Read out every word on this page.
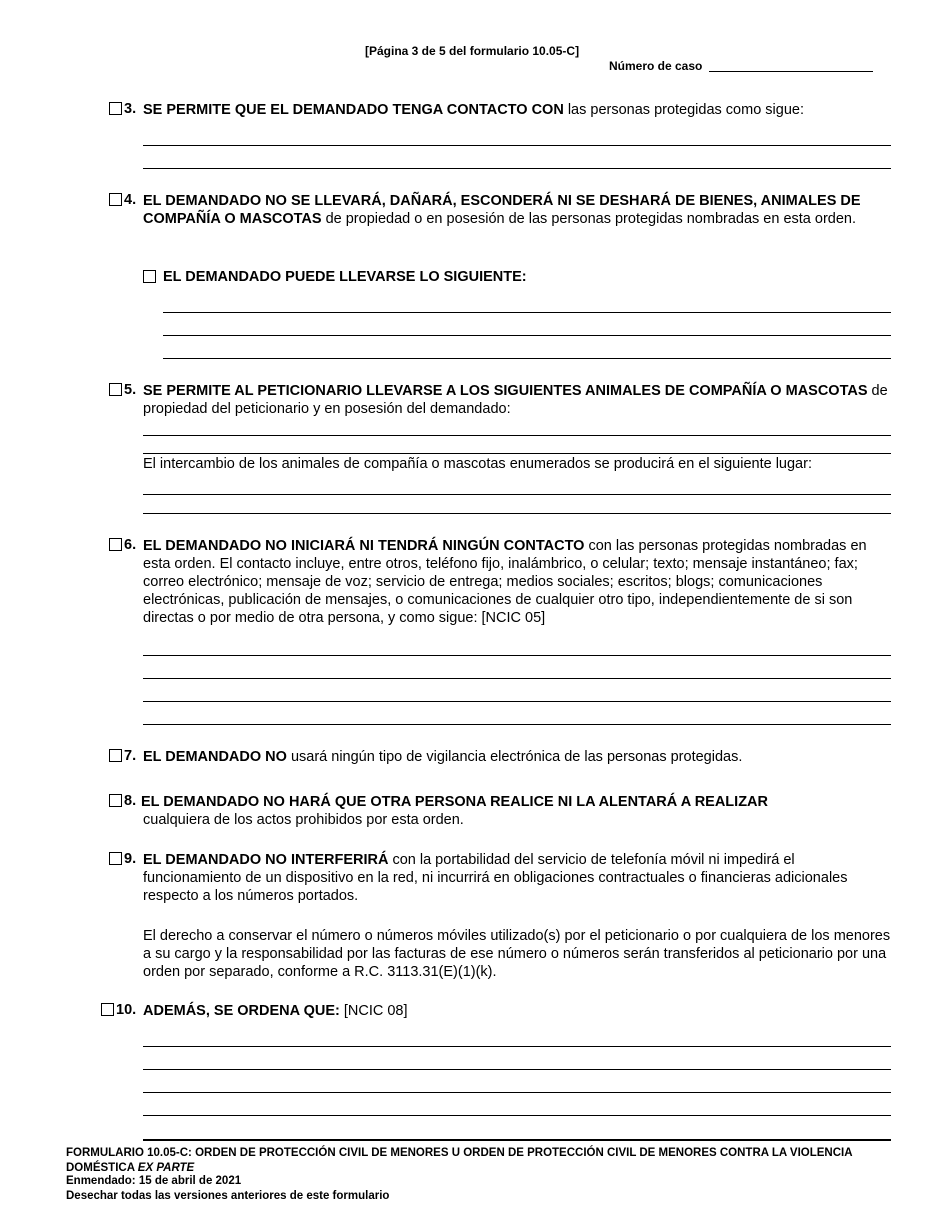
[Página 3 de 5 del formulario 10.05-C]
Número de caso
3. SE PERMITE QUE EL DEMANDADO TENGA CONTACTO CON las personas protegidas como sigue:
4. EL DEMANDADO NO SE LLEVARÁ, DAÑARÁ, ESCONDERÁ NI SE DESHARÁ DE BIENES, ANIMALES DE COMPAÑÍA O MASCOTAS de propiedad o en posesión de las personas protegidas nombradas en esta orden.
EL DEMANDADO PUEDE LLEVARSE LO SIGUIENTE:
5. SE PERMITE AL PETICIONARIO LLEVARSE A LOS SIGUIENTES ANIMALES DE COMPAÑÍA O MASCOTAS de propiedad del peticionario y en posesión del demandado:
El intercambio de los animales de compañía o mascotas enumerados se producirá en el siguiente lugar:
6. EL DEMANDADO NO INICIARÁ NI TENDRÁ NINGÚN CONTACTO con las personas protegidas nombradas en esta orden. El contacto incluye, entre otros, teléfono fijo, inalámbrico, o celular; texto; mensaje instantáneo; fax; correo electrónico; mensaje de voz; servicio de entrega; medios sociales; escritos; blogs; comunicaciones electrónicas, publicación de mensajes, o comunicaciones de cualquier otro tipo, independientemente de si son directas o por medio de otra persona, y como sigue: [NCIC 05]
7. EL DEMANDADO NO usará ningún tipo de vigilancia electrónica de las personas protegidas.
8. EL DEMANDADO NO HARÁ QUE OTRA PERSONA REALICE NI LA ALENTARÁ A REALIZAR
cualquiera de los actos prohibidos por esta orden.
9. EL DEMANDADO NO INTERFERIRÁ con la portabilidad del servicio de telefonía móvil ni impedirá el funcionamiento de un dispositivo en la red, ni incurrirá en obligaciones contractuales o financieras adicionales respecto a los números portados.
El derecho a conservar el número o números móviles utilizado(s) por el peticionario o por cualquiera de los menores a su cargo y la responsabilidad por las facturas de ese número o números serán transferidos al peticionario por una orden por separado, conforme a R.C. 3113.31(E)(1)(k).
10. ADEMÁS, SE ORDENA QUE: [NCIC 08]
FORMULARIO 10.05-C: ORDEN DE PROTECCIÓN CIVIL DE MENORES U ORDEN DE PROTECCIÓN CIVIL DE MENORES CONTRA LA VIOLENCIA DOMÉSTICA EX PARTE
Enmendado: 15 de abril de 2021
Desechar todas las versiones anteriores de este formulario
